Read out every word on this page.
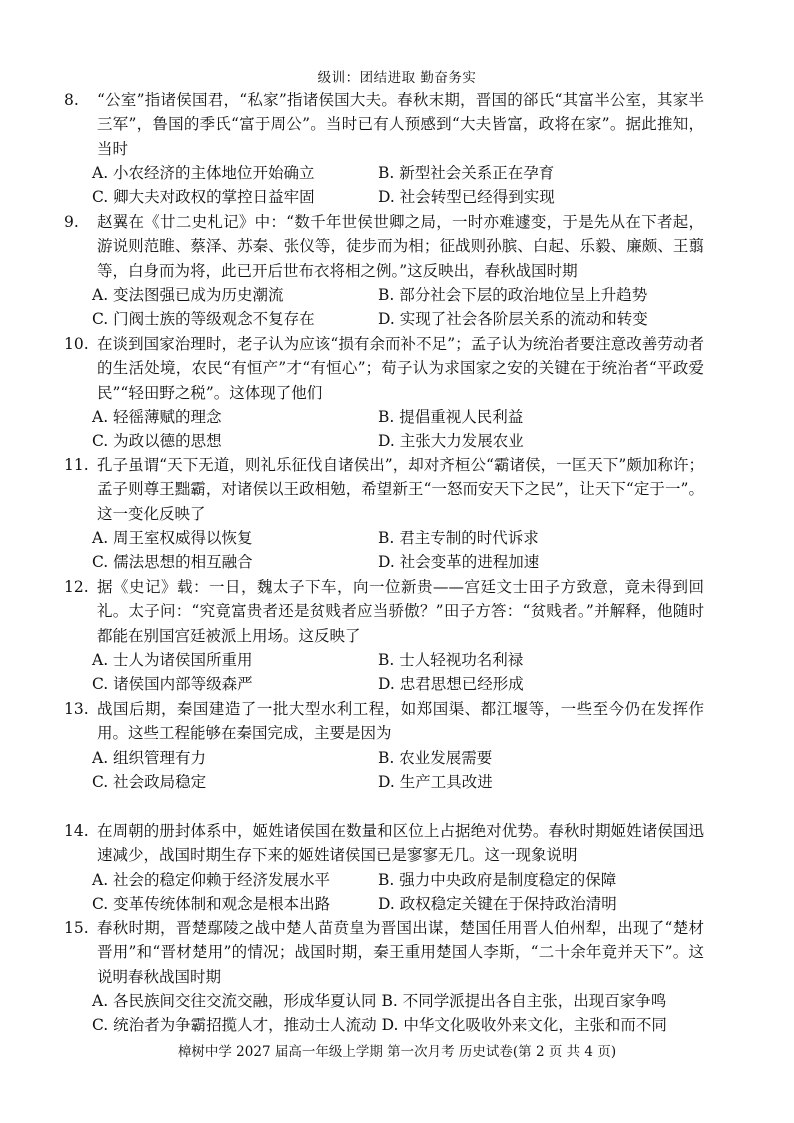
级训：团结进取 勤奋务实
8. “公室”指诸侯国君，“私家”指诸侯国大夫。春秋末期，晋国的郤氏“其富半公室，其家半三军”，鲁国的季氏“富于周公”。当时已有人预感到“大夫皆富，政将在家”。据此推知，当时
A. 小农经济的主体地位开始确立	B. 新型社会关系正在孕育
C. 卿大夫对政权的掌控日益牢固	D. 社会转型已经得到实现
9. 赵翼在《廿二史札记》中：“数千年世侯世卿之局，一时亦难遽变，于是先从在下者起，游说则范睢、蔡泽、苏秦、张仪等，徒步而为相；征战则孙膑、白起、乐毅、廉颇、王翦等，白身而为将，此已开后世布衣将相之例。”这反映出，春秋战国时期
A. 变法图强已成为历史潮流	B. 部分社会下层的政治地位呈上升趋势
C. 门阀士族的等级观念不复存在	D. 实现了社会各阶层关系的流动和转变
10. 在谈到国家治理时，老子认为应该“损有余而补不足”；孟子认为统治者要注意改善劳动者的生活处境，农民“有恒产”才“有恒心”；荀子认为求国家之安的关键在于统治者“平政爱民”“轻田野之税”。这体现了他们
A. 轻徭薄赋的理念	B. 提倡重视人民利益
C. 为政以德的思想	D. 主张大力发展农业
11. 孔子虽谓“天下无道，则礼乐征伐自诸侯出”，却对齐桓公“霸诸侯，一匡天下”颇加称许；孟子则尊王黜霸，对诸侯以王政相勉，希望新王“一怒而安天下之民”，让天下“定于一”。这一变化反映了
A. 周王室权威得以恢复	B. 君主专制的时代诉求
C. 儒法思想的相互融合	D. 社会变革的进程加速
12. 据《史记》载：一日，魏太子下车，向一位新贵——宫廷文士田子方致意，竟未得到回礼。太子问：“究竟富贵者还是贫贱者应当骄傲？”田子方答：“贫贱者。”并解释，他随时都能在别国宫廷被派上用场。这反映了
A. 士人为诸侯国所重用	B. 士人轻视功名利禄
C. 诸侯国内部等级森严	D. 忠君思想已经形成
13. 战国后期，秦国建造了一批大型水利工程，如郑国渠、都江堰等，一些至今仍在发挥作用。这些工程能够在秦国完成，主要是因为
A. 组织管理有力	B. 农业发展需要
C. 社会政局稳定	D. 生产工具改进
14. 在周朝的册封体系中，姬姓诸侯国在数量和区位上占据绝对优势。春秋时期姬姓诸侯国迅速减少，战国时期生存下来的姬姓诸侯国已是寥寥无几。这一现象说明
A. 社会的稳定仰赖于经济发展水平	B. 强力中央政府是制度稳定的保障
C. 变革传统体制和观念是根本出路	D. 政权稳定关键在于保持政治清明
15. 春秋时期，晋楚鄢陵之战中楚人苗贲皇为晋国出谋，楚国任用晋人伯州犁，出现了“楚材晋用”和“晋材楚用”的情况；战国时期，秦王重用楚国人李斯，“二十余年竟并天下”。这说明春秋战国时期
A. 各民族间交往交流交融，形成华夏认同 B. 不同学派提出各自主张，出现百家争鸣
C. 统治者为争霸招揽人才，推动士人流动 D. 中华文化吸收外来文化，主张和而不同
樟树中学 2027 届高一年级上学期 第一次月考 历史试卷(第 2 页 共 4 页)
